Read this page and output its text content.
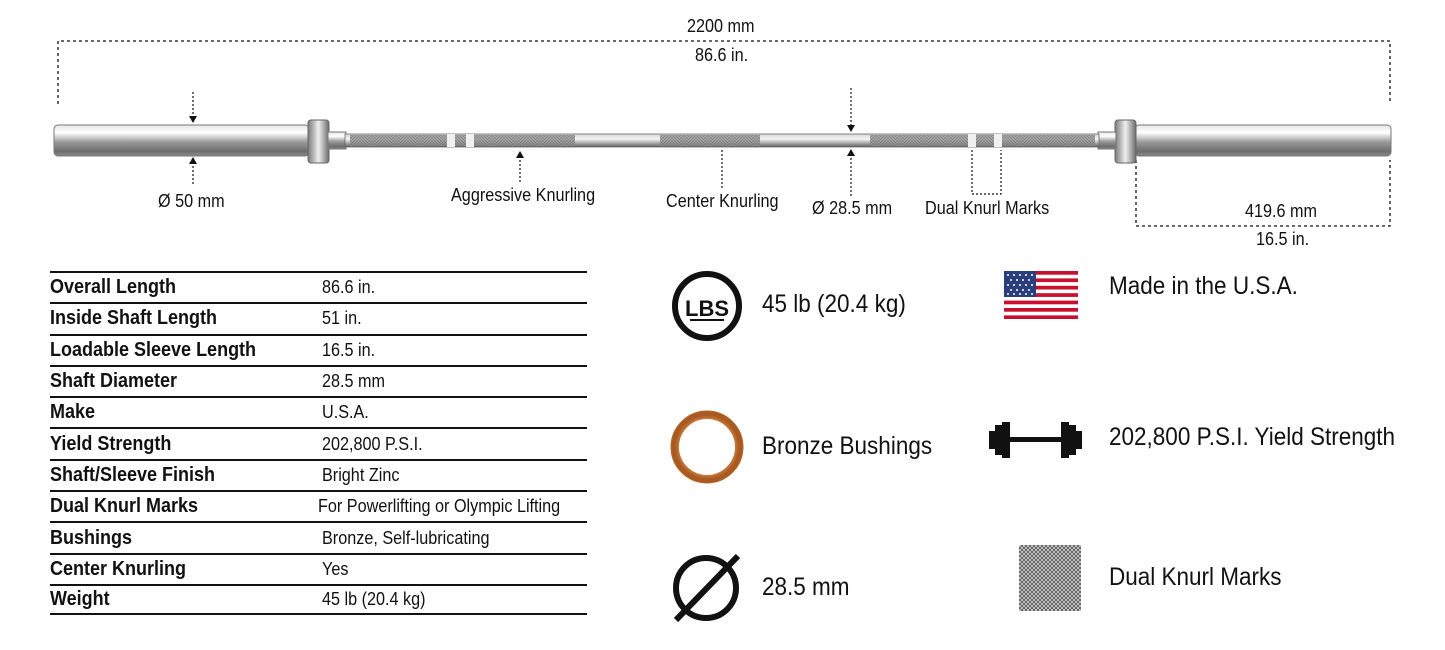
LBS
2200 mm
86.6 in.
419.6 mm
16.5 in.
Ø 50 mm	Aggressive Knurling	Center Knurling Ø 28.5 mm Dual Knurl Marks
Overall Length	86.6 in.
Inside Shaft Length	51 in.
Loadable Sleeve Length	16.5 in.
Shaft Diameter	28.5 mm
Make	U.S.A.
Yield Strength	202,800 P.S.I.
Shaft/Sleeve Finish	Bright Zinc
Dual Knurl Marks	For Powerlifting or Olympic Lifting
Bushings	Bronze, Self-lubricating
Center Knurling	Yes
Weight	45 lb (20.4 kg)
45 lb (20.4 kg)
Made in the U.S.A.
Bronze Bushings	202,800 P.S.I. Yield Strength
28.5 mm	Dual Knurl Marks
